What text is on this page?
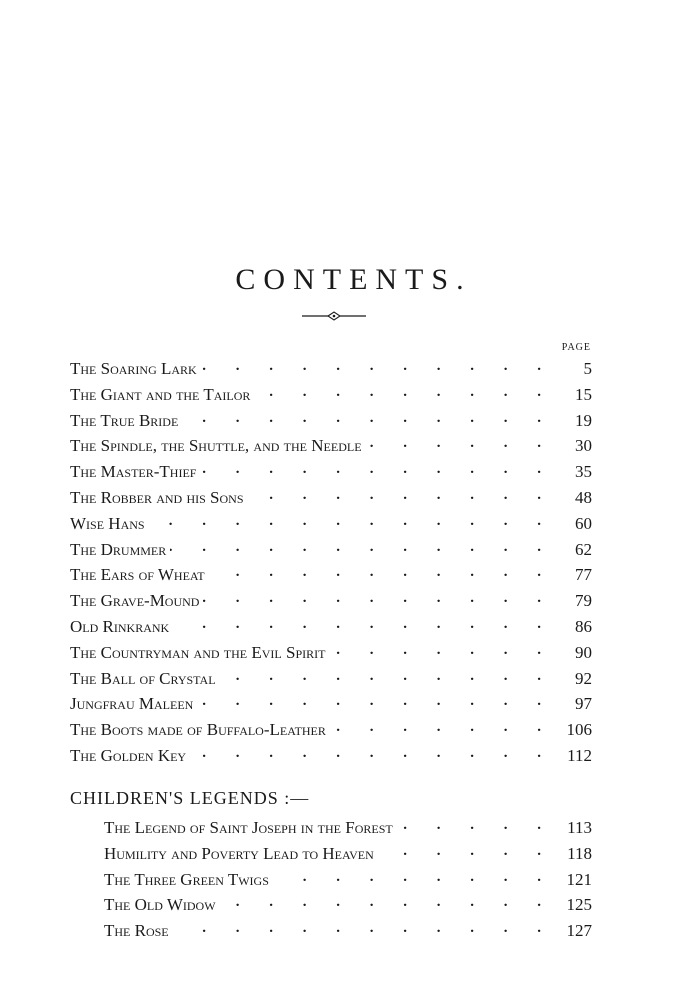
CONTENTS.
PAGE
The Soaring Lark . . .	5
The Giant and the Tailor . . .	15
The True Bride . . .	19
The Spindle, the Shuttle, and the Needle . . .	30
The Master-Thief . . .	35
The Robber and his Sons . . .	48
Wise Hans . . .	60
The Drummer . . .	62
The Ears of Wheat . . .	77
The Grave-Mound . . .	79
Old Rinkrank . . .	86
The Countryman and the Evil Spirit . . .	90
The Ball of Crystal . . .	92
Jungfrau Maleen . . .	97
The Boots made of Buffalo-Leather . . .	106
The Golden Key . . .	112
CHILDREN'S LEGENDS :—
The Legend of Saint Joseph in the Forest . . .	113
Humility and Poverty Lead to Heaven . . .	118
The Three Green Twigs . . .	121
The Old Widow . . .	125
The Rose . . .	127
